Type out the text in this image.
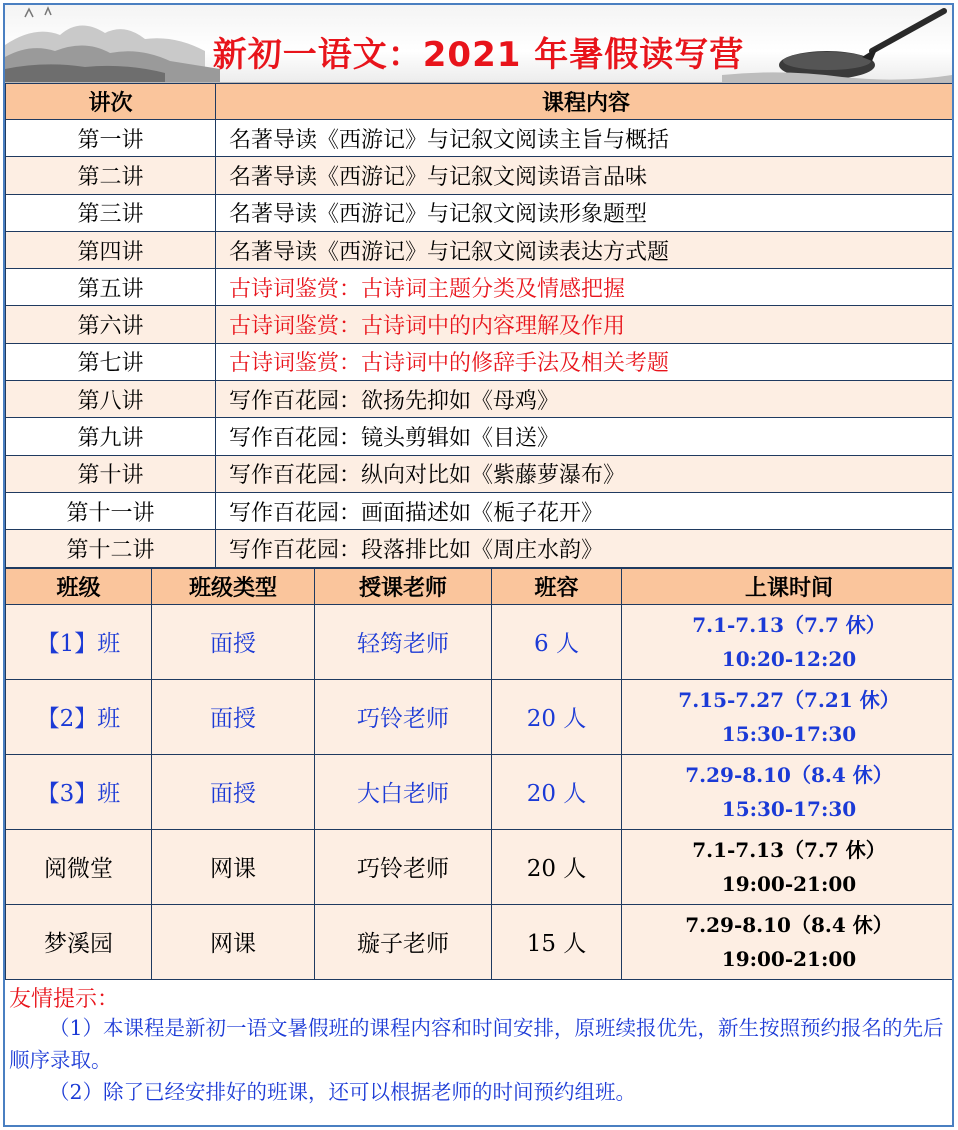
新初一语文：2021 年暑假读写营
讲次	课程内容
第一讲	名著导读《西游记》与记叙文阅读主旨与概括
第二讲	名著导读《西游记》与记叙文阅读语言品味
第三讲	名著导读《西游记》与记叙文阅读形象题型
第四讲	名著导读《西游记》与记叙文阅读表达方式题
第五讲	古诗词鉴赏：古诗词主题分类及情感把握
第六讲	古诗词鉴赏：古诗词中的内容理解及作用
第七讲	古诗词鉴赏：古诗词中的修辞手法及相关考题
第八讲	写作百花园：欲扬先抑如《母鸡》
第九讲	写作百花园：镜头剪辑如《目送》
第十讲	写作百花园：纵向对比如《紫藤萝瀑布》
第十一讲	写作百花园：画面描述如《栀子花开》
第十二讲	写作百花园：段落排比如《周庄水韵》
班级	班级类型	授课老师	班容	上课时间
【1】班	面授	轻筠老师	6 人	7.1-7.13（7.7 休）
10:20-12:20

【2】班	面授	巧铃老师	20 人	7.15-7.27（7.21 休）
15:30-17:30

【3】班	面授	大白老师	20 人	7.29-8.10（8.4 休）
15:30-17:30

阅微堂	网课	巧铃老师	20 人	7.1-7.13（7.7 休）
19:00-21:00

梦溪园	网课	璇子老师	15 人	7.29-8.10（8.4 休）
19:00-21:00
友情提示：

（1）本课程是新初一语文暑假班的课程内容和时间安排，原班续报优先，新生按照预约报名的先后顺序录取。

（2）除了已经安排好的班课，还可以根据老师的时间预约组班。
